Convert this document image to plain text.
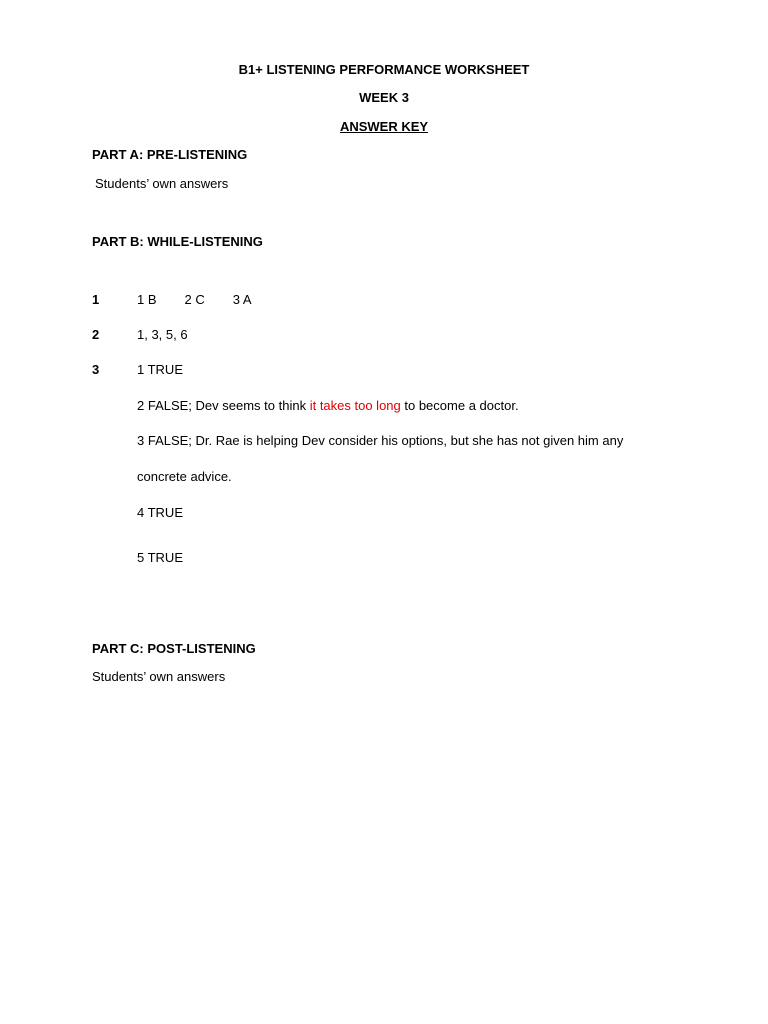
B1+ LISTENING PERFORMANCE WORKSHEET
WEEK 3
ANSWER KEY
PART A: PRE-LISTENING
Students’ own answers
PART B: WHILE-LISTENING
1	1 B 2 C 3 A
2	1, 3, 5, 6
3	1 TRUE
2 FALSE; Dev seems to think it takes too long to become a doctor.
3 FALSE; Dr. Rae is helping Dev consider his options, but she has not given him any
concrete advice.
4 TRUE
5 TRUE
PART C: POST-LISTENING
Students’ own answers
